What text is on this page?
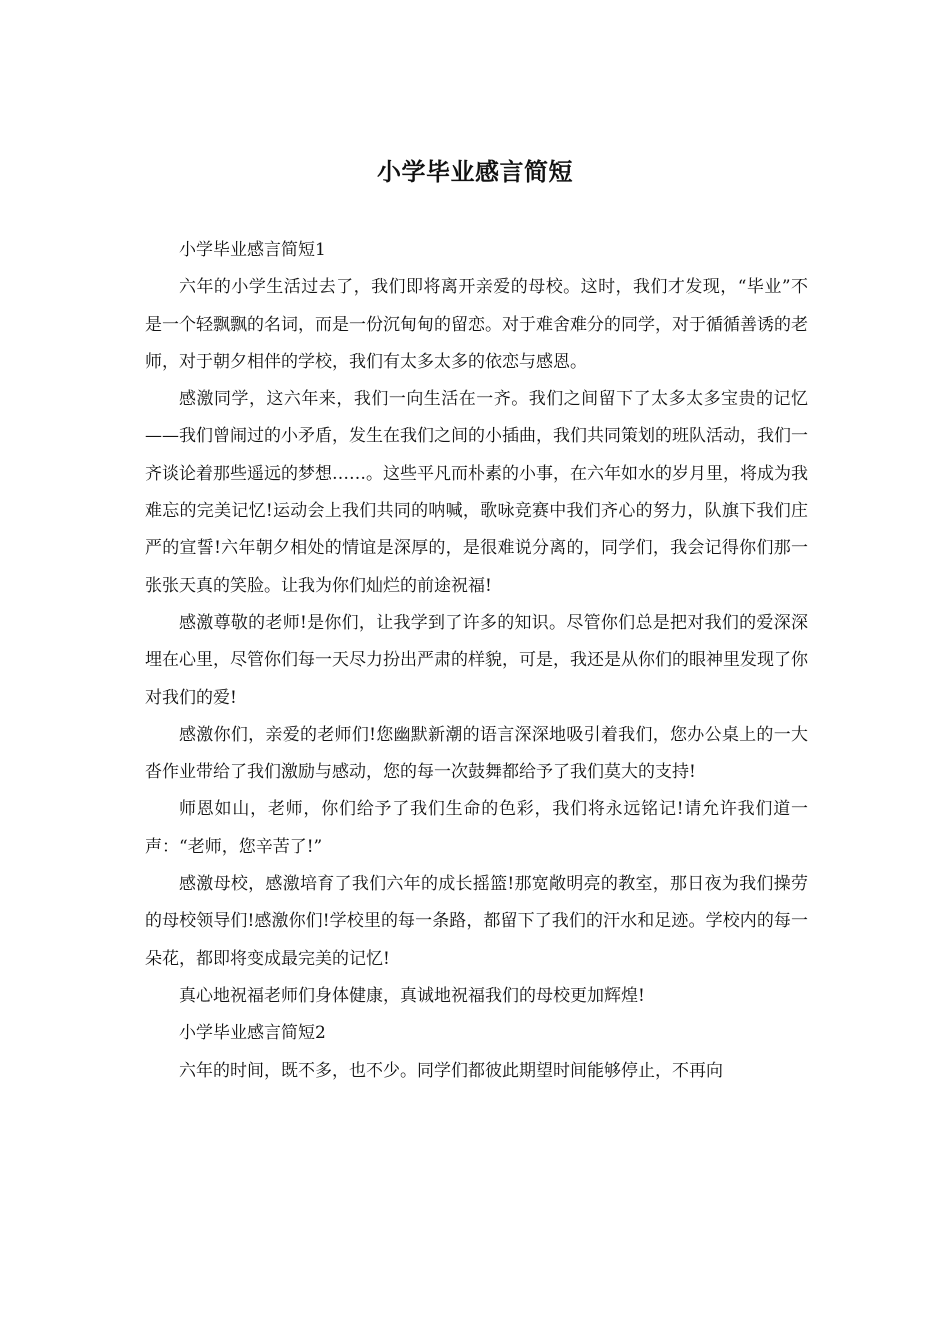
小学毕业感言简短

小学毕业感言简短1

六年的小学生活过去了，我们即将离开亲爱的母校。这时，我们才发现，“毕业”不是一个轻飘飘的名词，而是一份沉甸甸的留恋。对于难舍难分的同学，对于循循善诱的老师，对于朝夕相伴的学校，我们有太多太多的依恋与感恩。

感激同学，这六年来，我们一向生活在一齐。我们之间留下了太多太多宝贵的记忆——我们曾闹过的小矛盾，发生在我们之间的小插曲，我们共同策划的班队活动，我们一齐谈论着那些遥远的梦想……。这些平凡而朴素的小事，在六年如水的岁月里，将成为我难忘的完美记忆!运动会上我们共同的呐喊，歌咏竞赛中我们齐心的努力，队旗下我们庄严的宣誓!六年朝夕相处的情谊是深厚的，是很难说分离的，同学们，我会记得你们那一张张天真的笑脸。让我为你们灿烂的前途祝福!

感激尊敬的老师!是你们，让我学到了许多的知识。尽管你们总是把对我们的爱深深埋在心里，尽管你们每一天尽力扮出严肃的样貌，可是，我还是从你们的眼神里发现了你对我们的爱!

感激你们，亲爱的老师们!您幽默新潮的语言深深地吸引着我们，您办公桌上的一大沓作业带给了我们激励与感动，您的每一次鼓舞都给予了我们莫大的支持!

师恩如山，老师，你们给予了我们生命的色彩，我们将永远铭记!请允许我们道一声：“老师，您辛苦了!”

感激母校，感激培育了我们六年的成长摇篮!那宽敞明亮的教室，那日夜为我们操劳的母校领导们!感激你们!学校里的每一条路，都留下了我们的汗水和足迹。学校内的每一朵花，都即将变成最完美的记忆!

真心地祝福老师们身体健康，真诚地祝福我们的母校更加辉煌!

小学毕业感言简短2

六年的时间，既不多，也不少。同学们都彼此期望时间能够停止，不再向
